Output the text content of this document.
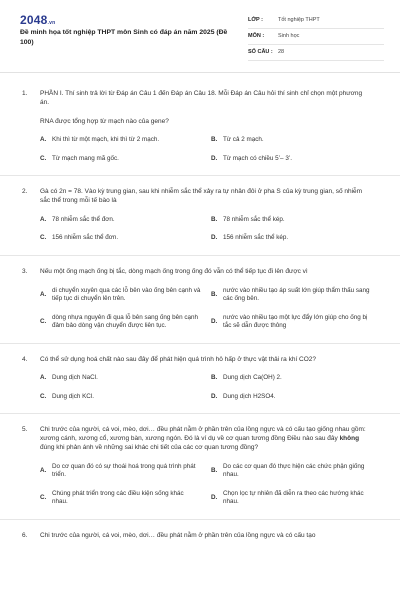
2048.vn
Đề minh họa tốt nghiệp THPT môn Sinh có đáp án năm 2025 (Đề 100)
LỚP :	Tốt nghiệp THPT
MÔN :	Sinh học
SỐ CÂU : 28
1. PHẦN I. Thí sinh trả lời từ Đáp án Câu 1 đến Đáp án Câu 18. Mỗi Đáp án Câu hỏi thí sinh chỉ chọn một phương án.
RNA được tổng hợp từ mạch nào của gene?
A. Khi thì từ một mạch, khi thì từ 2 mạch.	B. Từ cả 2 mạch.
C. Từ mạch mang mã gốc.	D. Từ mạch có chiều 5’– 3’.
2. Gà có 2n = 78. Vào kỳ trung gian, sau khi nhiễm sắc thể xảy ra tự nhân đôi ở pha S của kỳ trung gian, số nhiễm sắc thể trong mỗi tế bào là
A. 78 nhiễm sắc thể đơn.	B. 78 nhiễm sắc thể kép.
C. 156 nhiễm sắc thể đơn.	D. 156 nhiễm sắc thể kép.
3. Nếu một ống mạch ống bị tắc, dòng mạch ống trong ống đó vẫn có thể tiếp tục đi lên được vì
A.
di chuyển xuyên qua các lỗ bên vào ống bên cạnh và tiếp tục di chuyển lên trên.
B.
nước vào nhiều tạo áp suất lớn giúp thẩm thấu sang các ống bên.
C.
dòng nhựa nguyên đi qua lỗ bên sang ống bên cạnh đảm bảo dòng vận chuyển được liên tục.
D.
nước vào nhiều tạo một lực đẩy lớn giúp cho ống bị tắc sẽ dẫn được thông
4. Có thể sử dụng hoá chất nào sau đây để phát hiện quá trình hô hấp ở thực vật thải ra khí CO2?
A. Dung dịch NaCl.	B. Dung dịch Ca(OH) 2.
C. Dung dịch KCl.	D. Dung dịch H2SO4.
5. Chi trước của người, cá voi, mèo, dơi… đều phát nằm ở phần trên của lồng ngực và có cấu tạo giống nhau gồm: xương cánh, xương cổ, xương bàn, xương ngón. Đó là ví dụ về cơ quan tương đồng Điều nào sau đây không đúng khi phản ánh về những sai khác chi tiết của các cơ quan tương đồng?
A.
Do cơ quan đó có sự thoái hoá trong quá trình phát triển.
B.
Do các cơ quan đó thực hiện các chức phận giống nhau.
C.
Chúng phát triển trong các điều kiện sống khác nhau.
D.
Chọn lọc tự nhiên đã diễn ra theo các hướng khác nhau.
6. Chi trước của người, cá voi, mèo, dơi… đều phát nằm ở phần trên của lồng ngực và có cấu tạo
